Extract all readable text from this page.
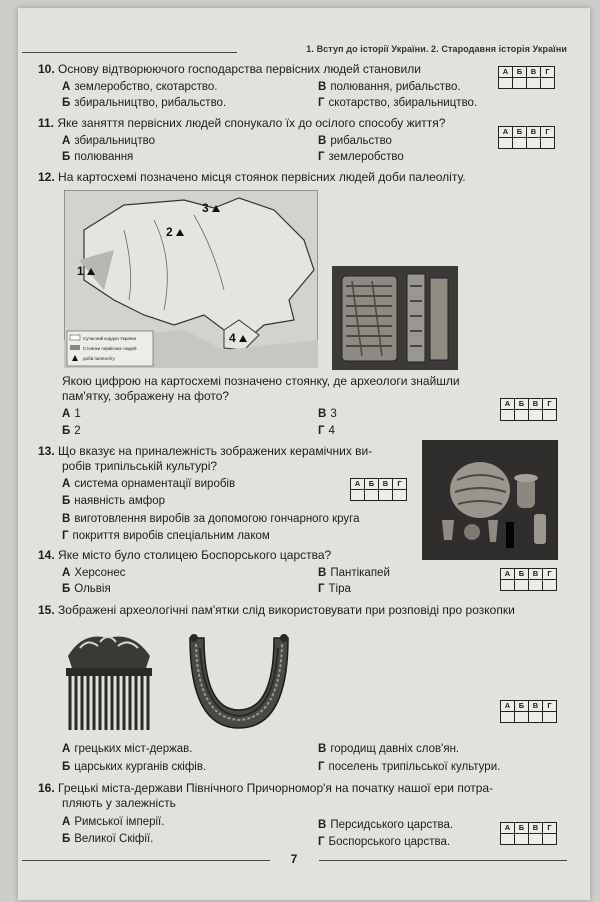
1. Вступ до історії України. 2. Стародавня історія України
10. Основу відтворюючого господарства первісних людей становили
А землеробство, скотарство.
Б збиральництво, рибальство.
В полювання, рибальство.
Г скотарство, збиральництво.
А	Б	В	Г
11. Яке заняття первісних людей спонукало їх до осілого способу життя?
А збиральництво
Б полювання
В рибальство
Г землеробство
А	Б	В	Г
12. На картосхемі позначено місця стоянок первісних людей доби палеоліту.
1
2
3
4
Сучасний кордон України
Стоянки первісних людей
доби палеоліту
Якою цифрою на картосхемі позначено стоянку, де археологи знайшли
пам'ятку, зображену на фото?
А 1
Б 2
В 3
Г 4
А	Б	В	Г
13. Що вказує на приналежність зображених керамічних ви-
робів трипільській культурі?
А система орнаментації виробів
Б наявність амфор
В виготовлення виробів за допомогою гончарного круга
Г покриття виробів спеціальним лаком
А	Б	В	Г
14. Яке місто було столицею Боспорського царства?
А Херсонес
Б Ольвія
В Пантікапей
Г Тіра
А	Б	В	Г
15. Зображені археологічні пам'ятки слід використовувати при розповіді про розкопки
А	Б	В	Г
А грецьких міст-держав.
Б царських курганів скіфів.
В городищ давніх слов'ян.
Г поселень трипільської культури.
16. Грецькі міста-держави Північного Причорномор'я на початку нашої ери потра-
пляють у залежність
А Римської імперії.
Б Великої Скіфії.
В Персидського царства.
Г Боспорського царства.
А	Б	В	Г
7
